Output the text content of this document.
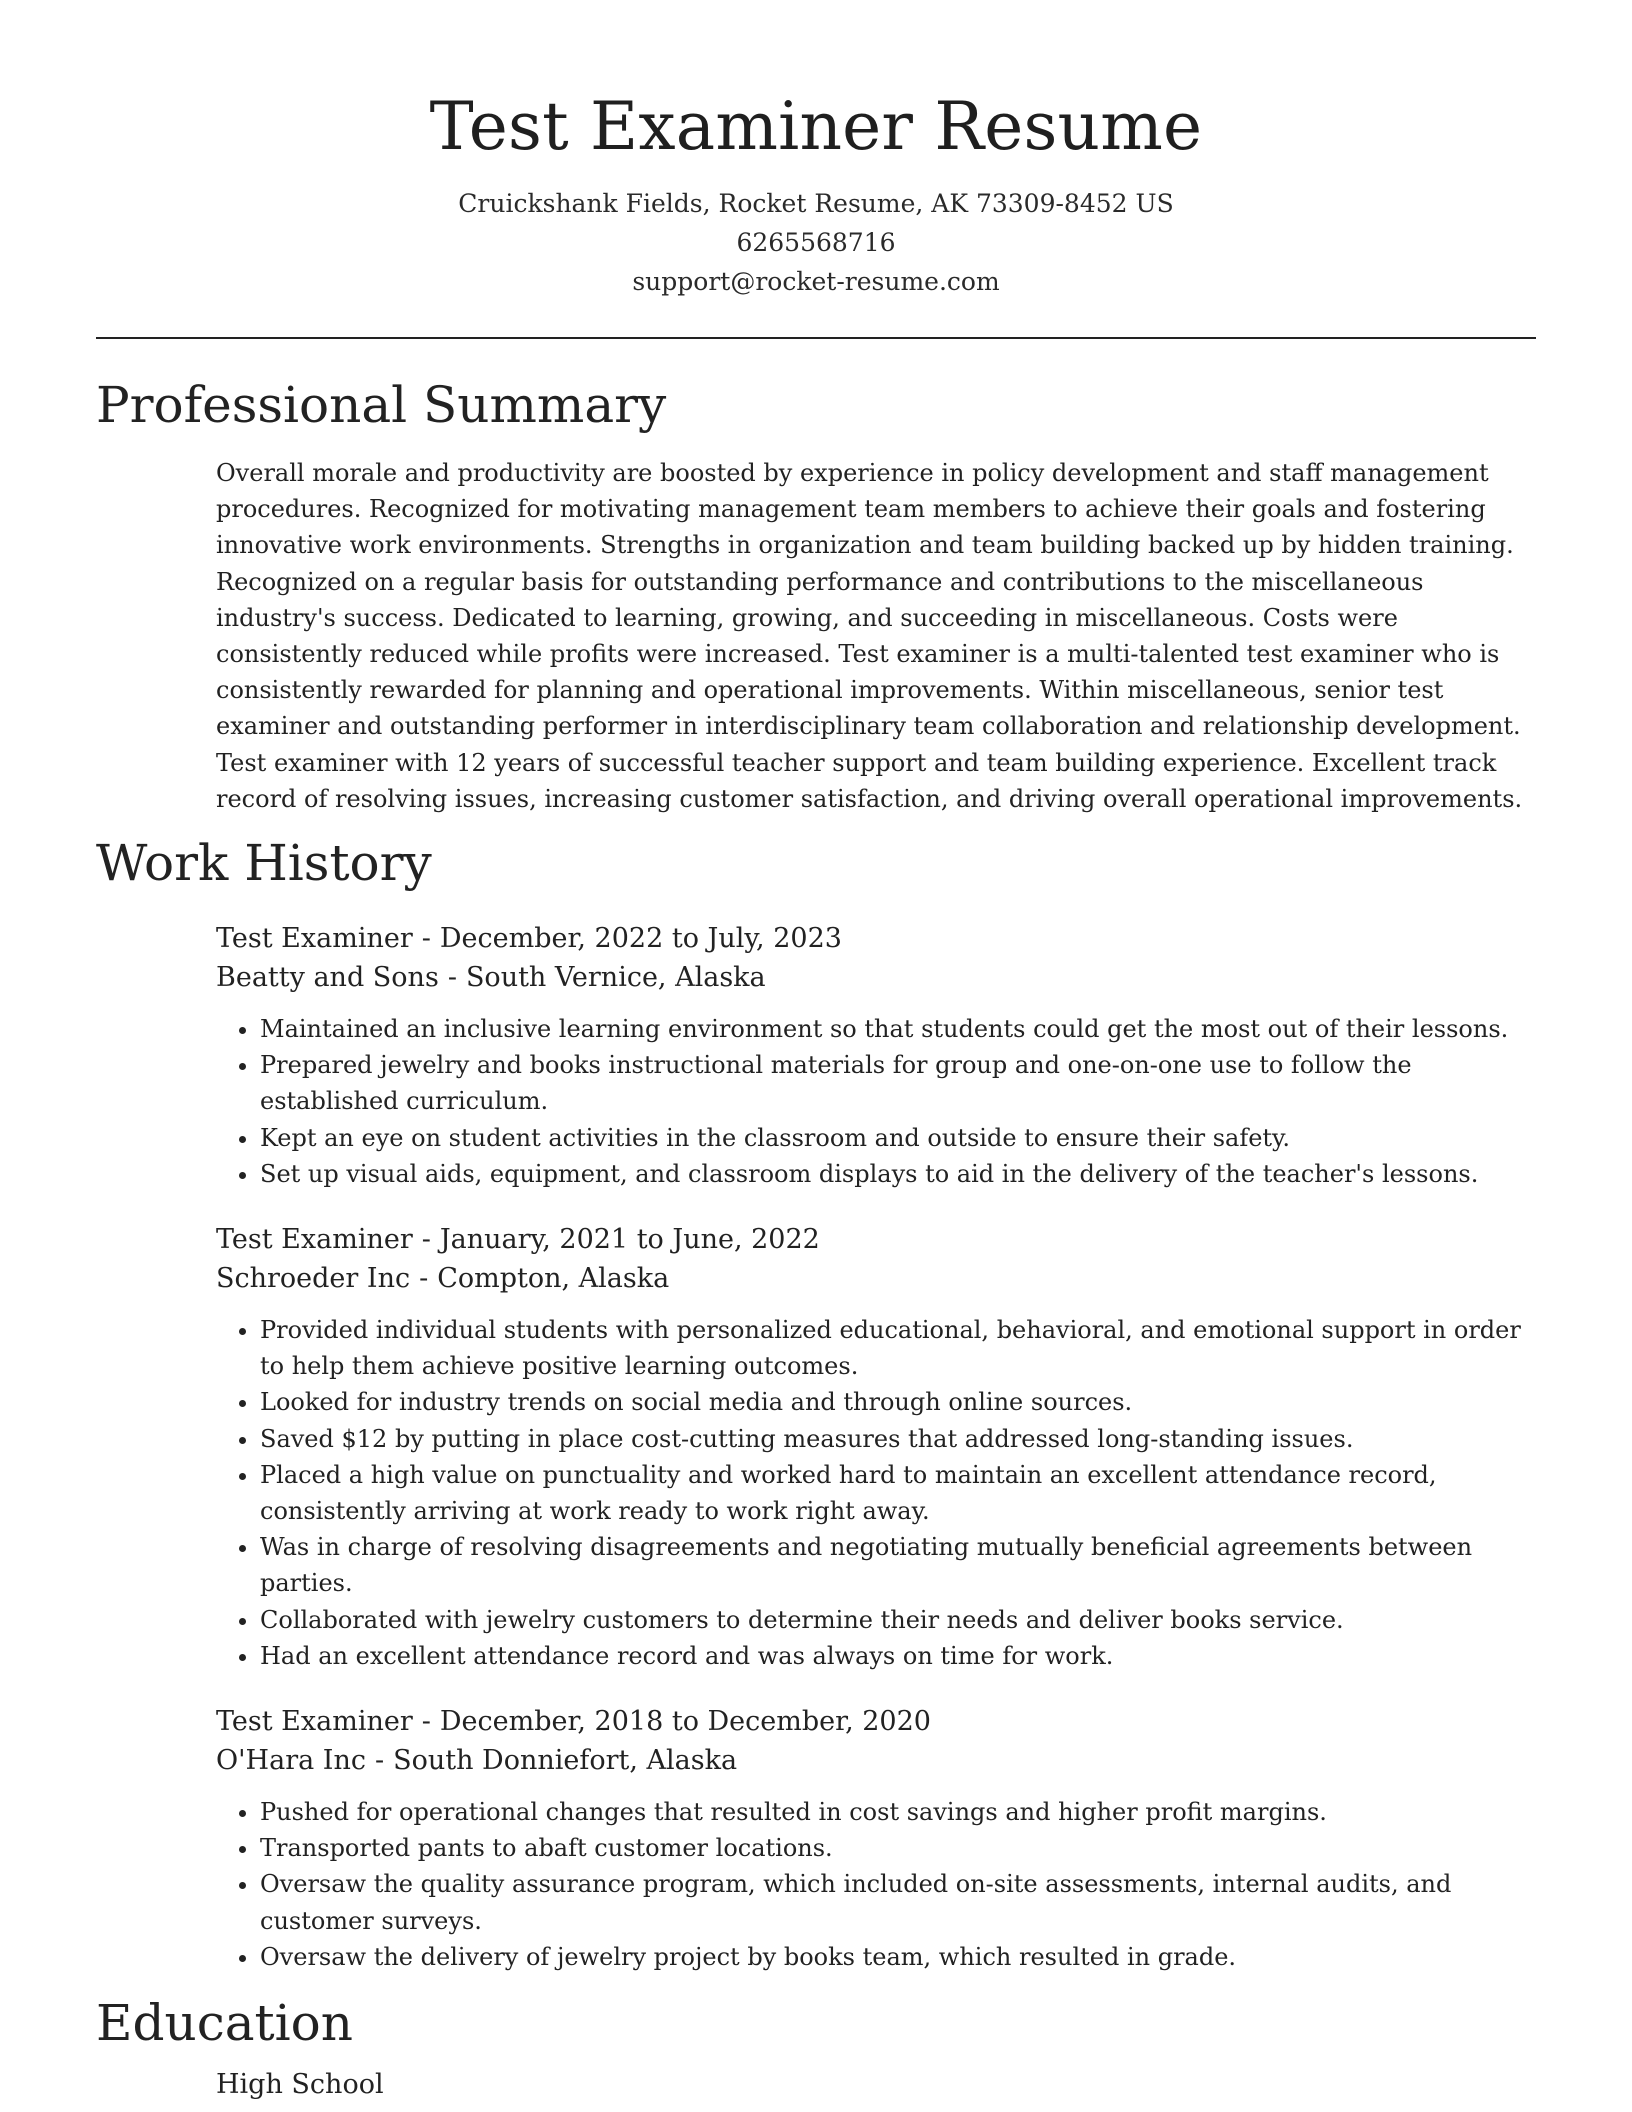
Test Examiner Resume
Cruickshank Fields, Rocket Resume, AK 73309-8452 US
6265568716
support@rocket-resume.com
Professional Summary

Overall morale and productivity are boosted by experience in policy development and staff management procedures. Recognized for motivating management team members to achieve their goals and fostering innovative work environments. Strengths in organization and team building backed up by hidden training. Recognized on a regular basis for outstanding performance and contributions to the miscellaneous industry's success. Dedicated to learning, growing, and succeeding in miscellaneous. Costs were consistently reduced while profits were increased. Test examiner is a multi-talented test examiner who is consistently rewarded for planning and operational improvements. Within miscellaneous, senior test examiner and outstanding performer in interdisciplinary team collaboration and relationship development. Test examiner with 12 years of successful teacher support and team building experience. Excellent track record of resolving issues, increasing customer satisfaction, and driving overall operational improvements.

Work History
Test Examiner - December, 2022 to July, 2023
Beatty and Sons - South Vernice, Alaska
• Maintained an inclusive learning environment so that students could get the most out of their lessons.
• Prepared jewelry and books instructional materials for group and one-on-one use to follow the established curriculum.
• Kept an eye on student activities in the classroom and outside to ensure their safety.
• Set up visual aids, equipment, and classroom displays to aid in the delivery of the teacher's lessons.
Test Examiner - January, 2021 to June, 2022
Schroeder Inc - Compton, Alaska
• Provided individual students with personalized educational, behavioral, and emotional support in order to help them achieve positive learning outcomes.
• Looked for industry trends on social media and through online sources.
• Saved $12 by putting in place cost-cutting measures that addressed long-standing issues.
• Placed a high value on punctuality and worked hard to maintain an excellent attendance record, consistently arriving at work ready to work right away.
• Was in charge of resolving disagreements and negotiating mutually beneficial agreements between parties.
• Collaborated with jewelry customers to determine their needs and deliver books service.
• Had an excellent attendance record and was always on time for work.
Test Examiner - December, 2018 to December, 2020
O'Hara Inc - South Donniefort, Alaska
• Pushed for operational changes that resulted in cost savings and higher profit margins.
• Transported pants to abaft customer locations.
• Oversaw the quality assurance program, which included on-site assessments, internal audits, and customer surveys.
• Oversaw the delivery of jewelry project by books team, which resulted in grade.
Education
High School
